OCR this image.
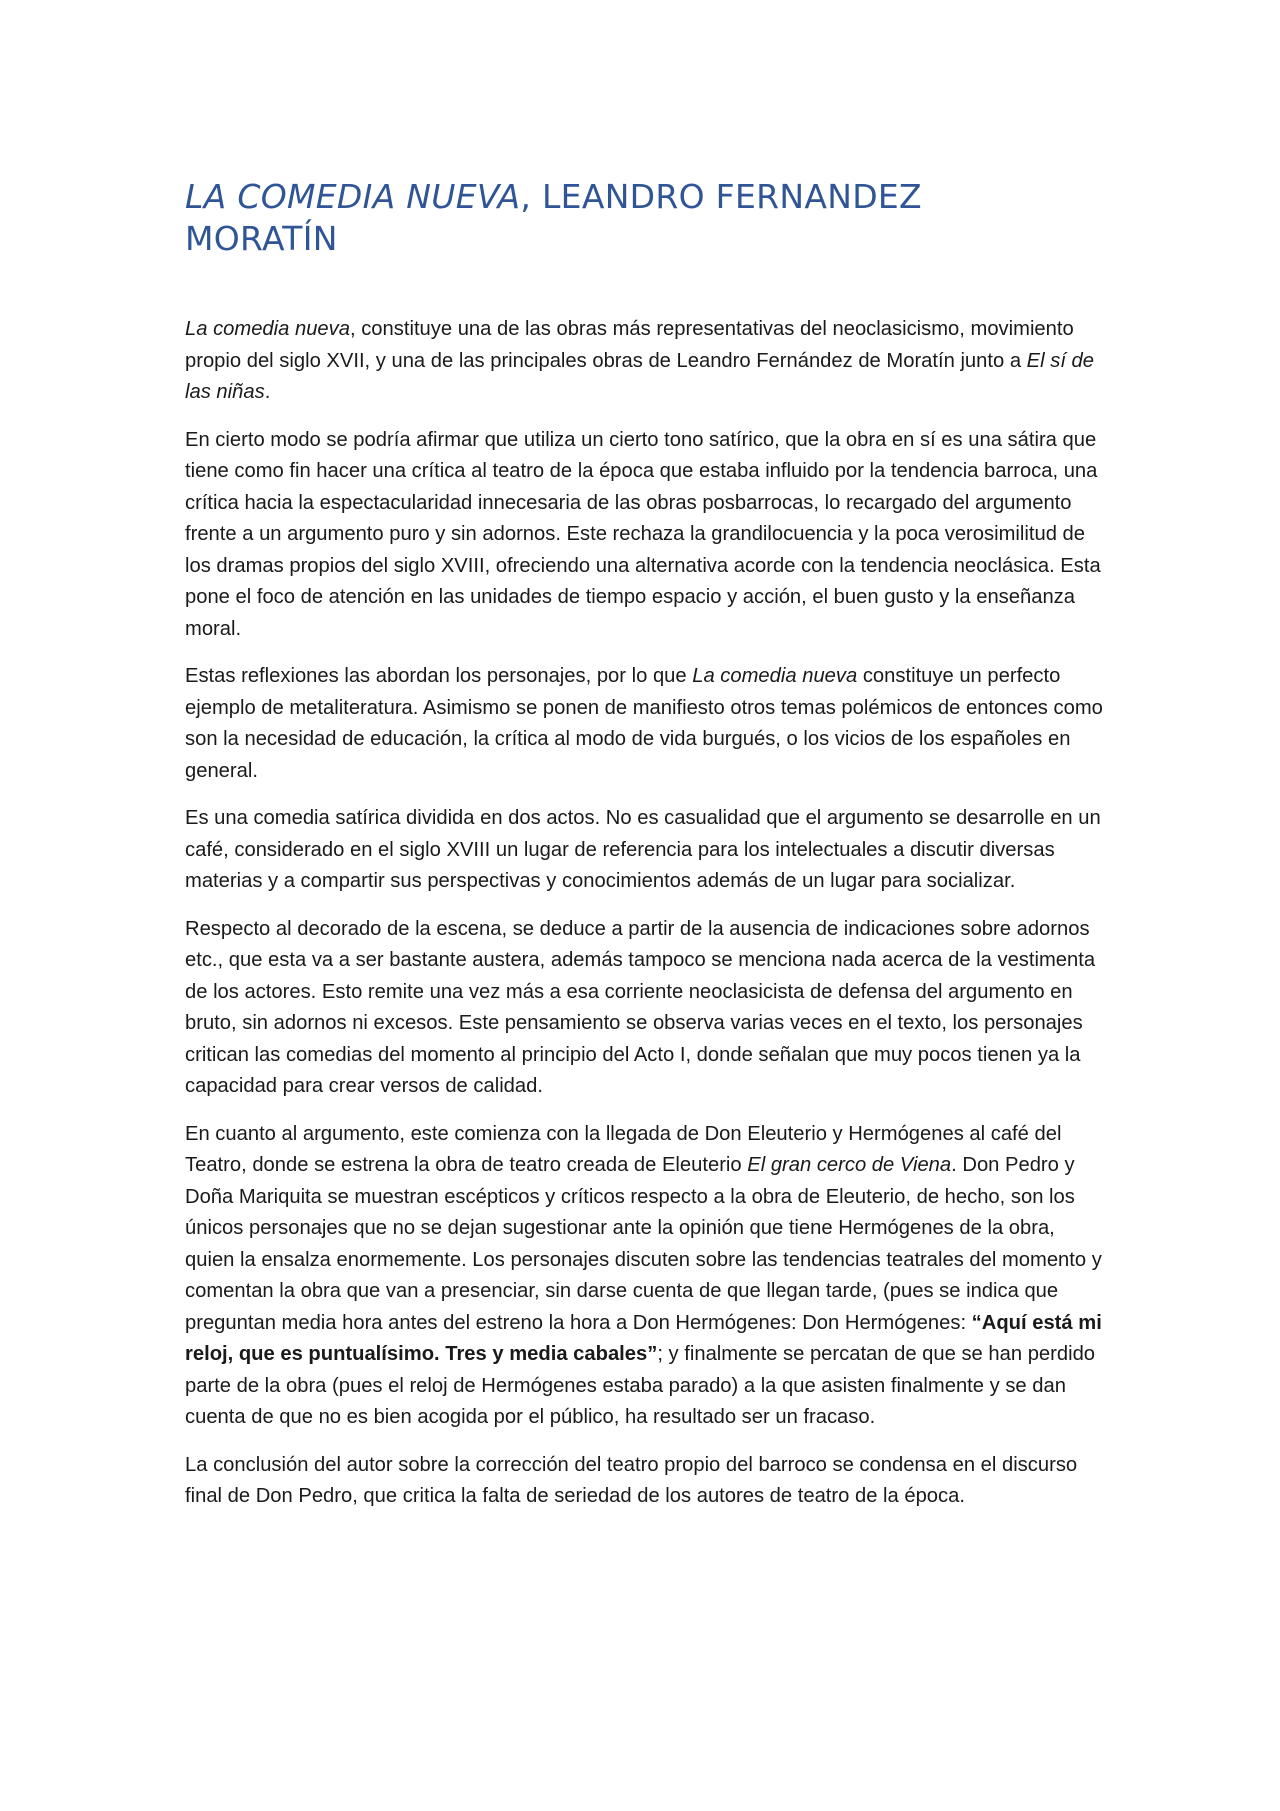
LA COMEDIA NUEVA, LEANDRO FERNANDEZ MORATÍN

La comedia nueva, constituye una de las obras más representativas del neoclasicismo, movimiento propio del siglo XVII, y una de las principales obras de Leandro Fernández de Moratín junto a El sí de las niñas.

En cierto modo se podría afirmar que utiliza un cierto tono satírico, que la obra en sí es una sátira que tiene como fin hacer una crítica al teatro de la época que estaba influido por la tendencia barroca, una crítica hacia la espectacularidad innecesaria de las obras posbarrocas, lo recargado del argumento frente a un argumento puro y sin adornos. Este rechaza la grandilocuencia y la poca verosimilitud de los dramas propios del siglo XVIII, ofreciendo una alternativa acorde con la tendencia neoclásica. Esta pone el foco de atención en las unidades de tiempo espacio y acción, el buen gusto y la enseñanza moral.

Estas reflexiones las abordan los personajes, por lo que La comedia nueva constituye un perfecto ejemplo de metaliteratura. Asimismo se ponen de manifiesto otros temas polémicos de entonces como son la necesidad de educación, la crítica al modo de vida burgués, o los vicios de los españoles en general.

Es una comedia satírica dividida en dos actos. No es casualidad que el argumento se desarrolle en un café, considerado en el siglo XVIII un lugar de referencia para los intelectuales a discutir diversas materias y a compartir sus perspectivas y conocimientos además de un lugar para socializar.

Respecto al decorado de la escena, se deduce a partir de la ausencia de indicaciones sobre adornos etc., que esta va a ser bastante austera, además tampoco se menciona nada acerca de la vestimenta de los actores. Esto remite una vez más a esa corriente neoclasicista de defensa del argumento en bruto, sin adornos ni excesos. Este pensamiento se observa varias veces en el texto, los personajes critican las comedias del momento al principio del Acto I, donde señalan que muy pocos tienen ya la capacidad para crear versos de calidad.

En cuanto al argumento, este comienza con la llegada de Don Eleuterio y Hermógenes al café del Teatro, donde se estrena la obra de teatro creada de Eleuterio El gran cerco de Viena. Don Pedro y Doña Mariquita se muestran escépticos y críticos respecto a la obra de Eleuterio, de hecho, son los únicos personajes que no se dejan sugestionar ante la opinión que tiene Hermógenes de la obra, quien la ensalza enormemente. Los personajes discuten sobre las tendencias teatrales del momento y comentan la obra que van a presenciar, sin darse cuenta de que llegan tarde, (pues se indica que preguntan media hora antes del estreno la hora a Don Hermógenes: Don Hermógenes: “Aquí está mi reloj, que es puntualísimo. Tres y media cabales”; y finalmente se percatan de que se han perdido parte de la obra (pues el reloj de Hermógenes estaba parado) a la que asisten finalmente y se dan cuenta de que no es bien acogida por el público, ha resultado ser un fracaso.

La conclusión del autor sobre la corrección del teatro propio del barroco se condensa en el discurso final de Don Pedro, que critica la falta de seriedad de los autores de teatro de la época.
